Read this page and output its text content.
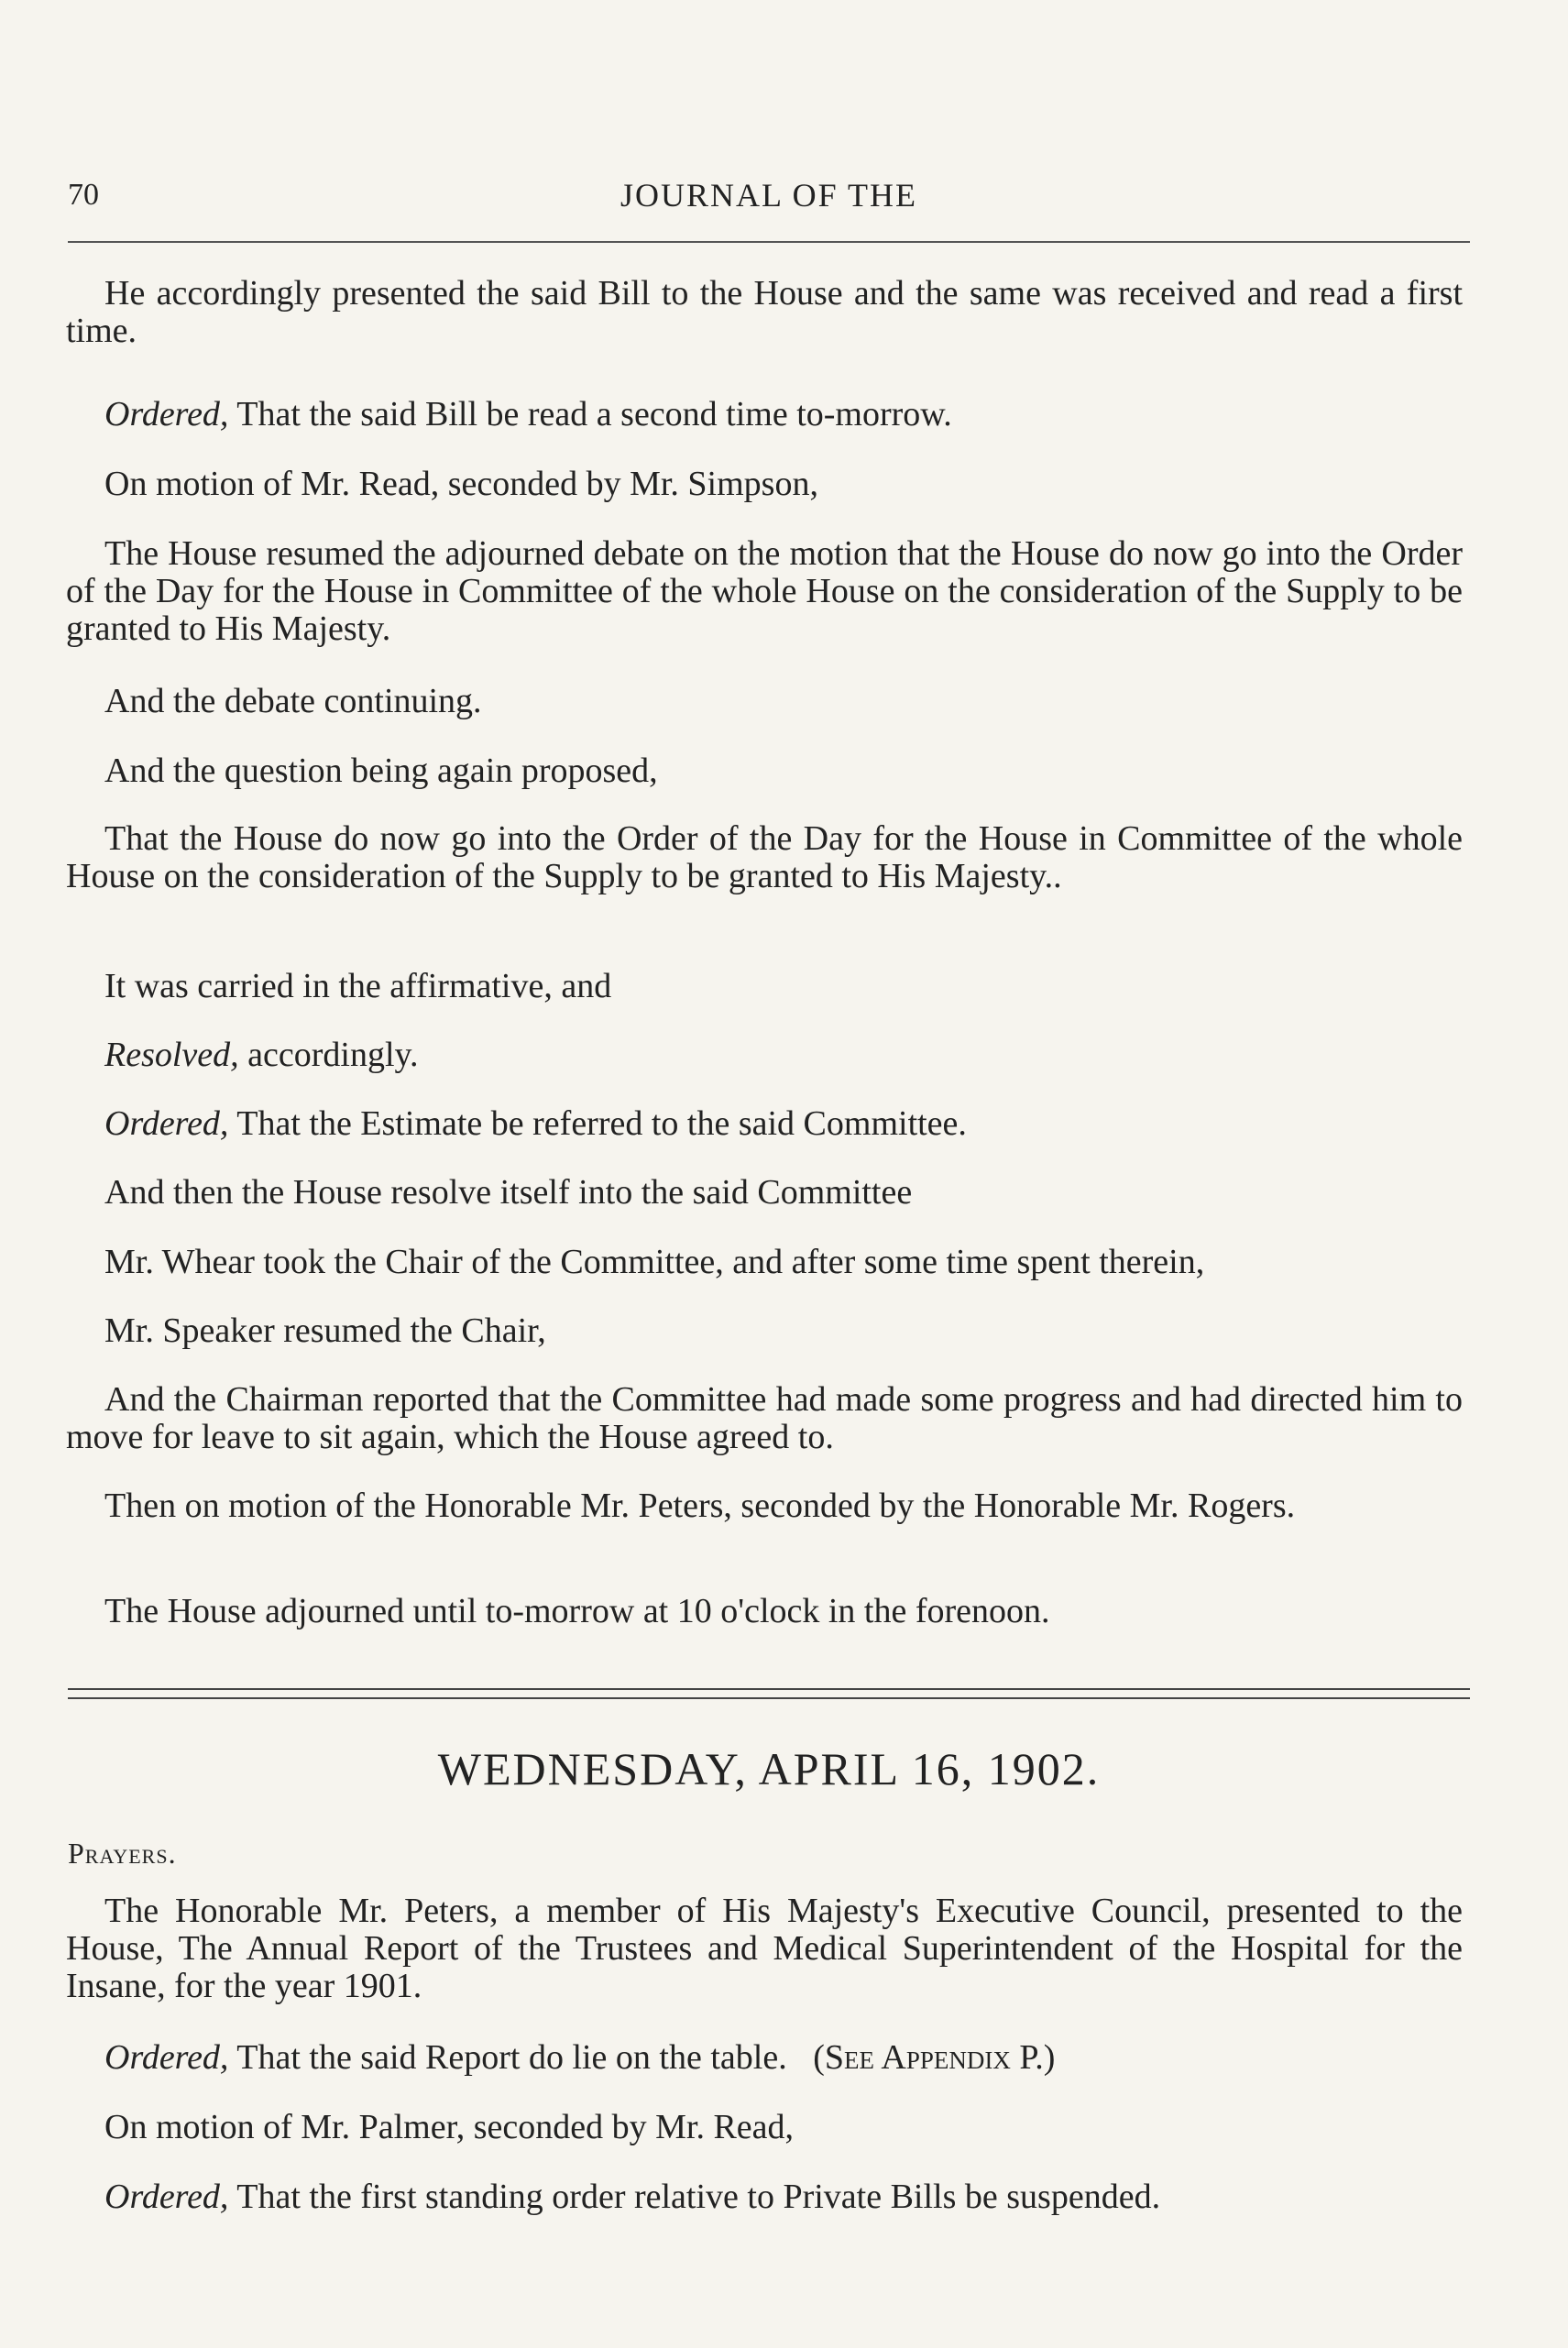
70	JOURNAL OF THE

He accordingly presented the said Bill to the House and the same was received and read a first time.

Ordered, That the said Bill be read a second time to-morrow.

On motion of Mr. Read, seconded by Mr. Simpson,

The House resumed the adjourned debate on the motion that the House do now go into the Order of the Day for the House in Committee of the whole House on the consideration of the Supply to be granted to His Majesty.

And the debate continuing.

And the question being again proposed,

That the House do now go into the Order of the Day for the House in Committee of the whole House on the consideration of the Supply to be granted to His Majesty..

It was carried in the affirmative, and

Resolved, accordingly.

Ordered, That the Estimate be referred to the said Committee.

And then the House resolve itself into the said Committee

Mr. Whear took the Chair of the Committee, and after some time spent therein,

Mr. Speaker resumed the Chair,

And the Chairman reported that the Committee had made some progress and had directed him to move for leave to sit again, which the House agreed to.

Then on motion of the Honorable Mr. Peters, seconded by the Honorable Mr. Rogers.

The House adjourned until to-morrow at 10 o'clock in the forenoon.

WEDNESDAY, APRIL 16, 1902.
Prayers.

The Honorable Mr. Peters, a member of His Majesty's Executive Council, presented to the House, The Annual Report of the Trustees and Medical Superintendent of the Hospital for the Insane, for the year 1901.

Ordered, That the said Report do lie on the table. (See Appendix P.)

On motion of Mr. Palmer, seconded by Mr. Read,

Ordered, That the first standing order relative to Private Bills be suspended.
